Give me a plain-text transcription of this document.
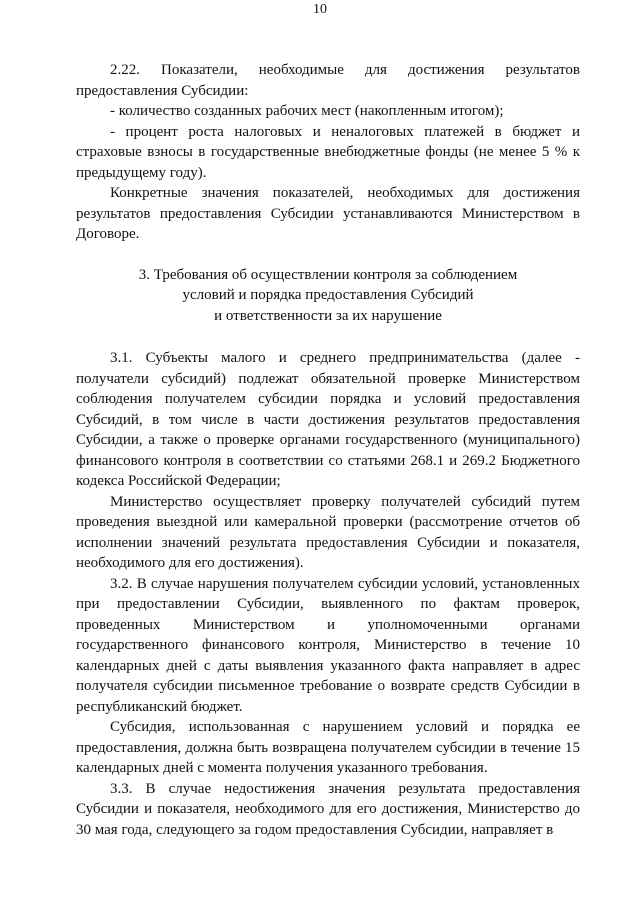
10

2.22. Показатели, необходимые для достижения результатов предоставления Субсидии:

- количество созданных рабочих мест (накопленным итогом);

- процент роста налоговых и неналоговых платежей в бюджет и страховые взносы в государственные внебюджетные фонды (не менее 5 % к предыдущему году).

Конкретные значения показателей, необходимых для достижения результатов предоставления Субсидии устанавливаются Министерством в Договоре.

3. Требования об осуществлении контроля за соблюдением
условий и порядка предоставления Субсидий
и ответственности за их нарушение

3.1. Субъекты малого и среднего предпринимательства (далее - получатели субсидий) подлежат обязательной проверке Министерством соблюдения получателем субсидии порядка и условий предоставления Субсидий, в том числе в части достижения результатов предоставления Субсидии, а также о проверке органами государственного (муниципального) финансового контроля в соответствии со статьями 268.1 и 269.2 Бюджетного кодекса Российской Федерации;

Министерство осуществляет проверку получателей субсидий путем проведения выездной или камеральной проверки (рассмотрение отчетов об исполнении значений результата предоставления Субсидии и показателя, необходимого для его достижения).

3.2. В случае нарушения получателем субсидии условий, установленных при предоставлении Субсидии, выявленного по фактам проверок, проведенных Министерством и уполномоченными органами государственного финансового контроля, Министерство в течение 10 календарных дней с даты выявления указанного факта направляет в адрес получателя субсидии письменное требование о возврате средств Субсидии в республиканский бюджет.

Субсидия, использованная с нарушением условий и порядка ее предоставления, должна быть возвращена получателем субсидии в течение 15 календарных дней с момента получения указанного требования.

3.3. В случае недостижения значения результата предоставления Субсидии и показателя, необходимого для его достижения, Министерство до 30 мая года, следующего за годом предоставления Субсидии, направляет в
